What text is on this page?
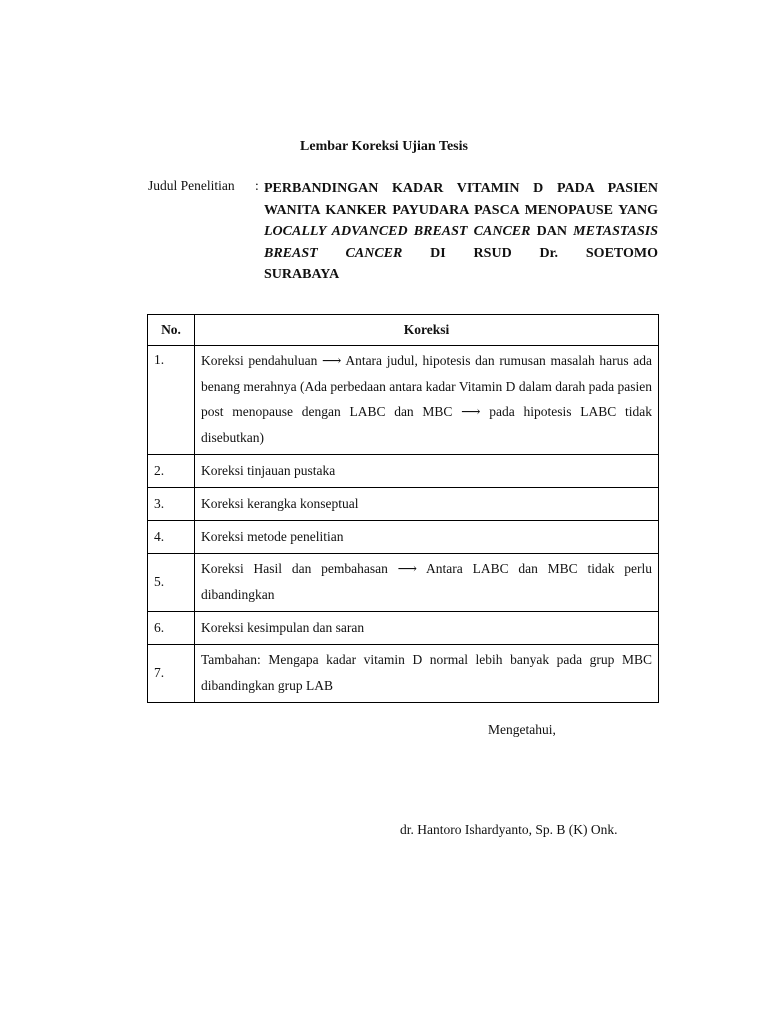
Lembar Koreksi Ujian Tesis
Judul Penelitian : PERBANDINGAN KADAR VITAMIN D PADA PASIEN WANITA KANKER PAYUDARA PASCA MENOPAUSE YANG LOCALLY ADVANCED BREAST CANCER DAN METASTASIS BREAST CANCER DI RSUD Dr. SOETOMO
SURABAYA
No.	Koreksi
1.	Koreksi pendahuluan ⟶ Antara judul, hipotesis dan rumusan masalah harus ada benang merahnya (Ada perbedaan antara kadar Vitamin D dalam darah pada pasien post menopause dengan LABC dan MBC ⟶ pada hipotesis LABC tidak disebutkan)
2.	Koreksi tinjauan pustaka
3.	Koreksi kerangka konseptual
4.	Koreksi metode penelitian
5.	Koreksi Hasil dan pembahasan ⟶ Antara LABC dan MBC tidak perlu dibandingkan
6.	Koreksi kesimpulan dan saran
7.	Tambahan: Mengapa kadar vitamin D normal lebih banyak pada grup MBC dibandingkan grup LAB
Mengetahui,
dr. Hantoro Ishardyanto, Sp. B (K) Onk.
